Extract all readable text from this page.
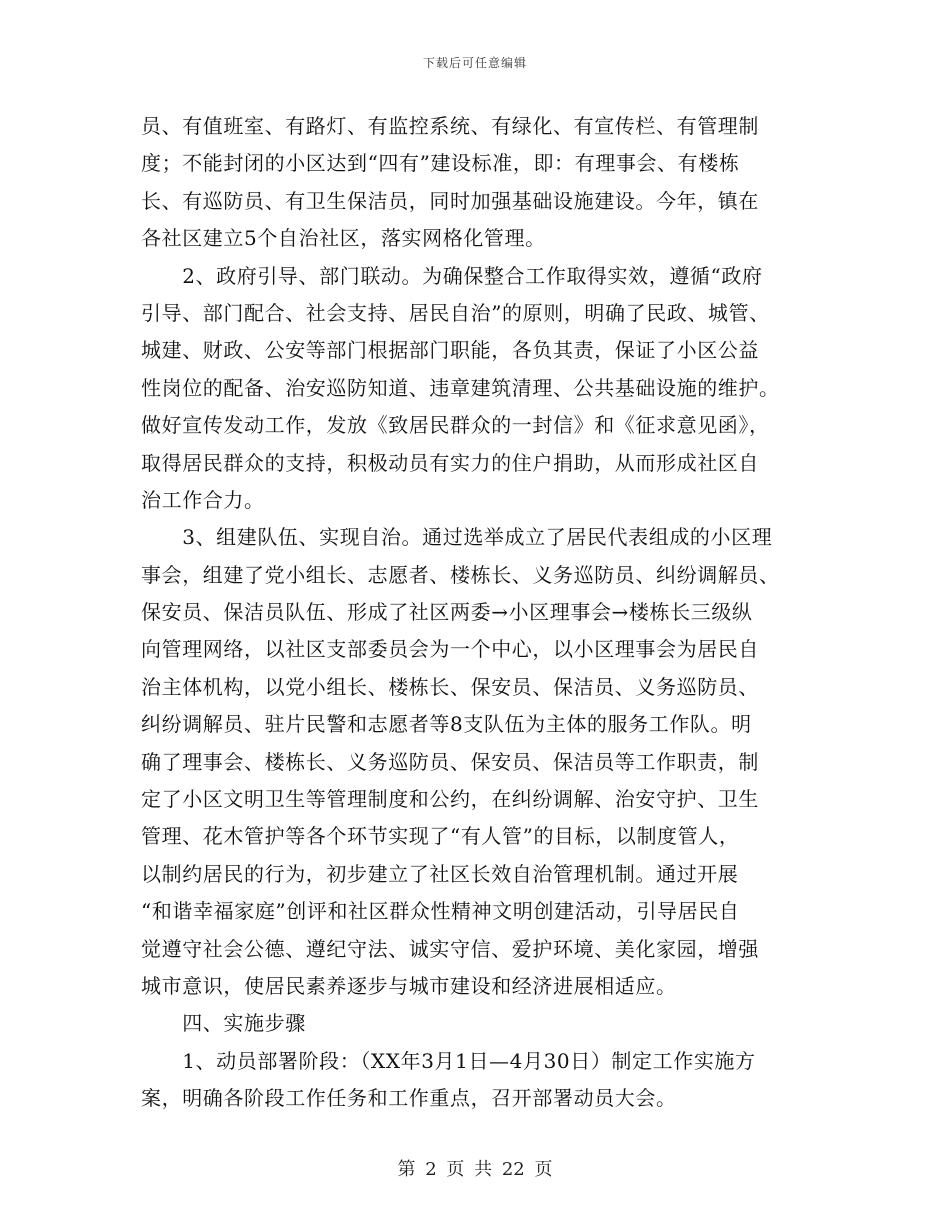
下载后可任意编辑
员、有值班室、有路灯、有监控系统、有绿化、有宣传栏、有管理制
度；不能封闭的小区达到“四有”建设标准，即：有理事会、有楼栋
长、有巡防员、有卫生保洁员，同时加强基础设施建设。今年，镇在
各社区建立5个自治社区，落实网格化管理。
　　2、政府引导、部门联动。为确保整合工作取得实效，遵循“政府
引导、部门配合、社会支持、居民自治”的原则，明确了民政、城管、
城建、财政、公安等部门根据部门职能，各负其责，保证了小区公益
性岗位的配备、治安巡防知道、违章建筑清理、公共基础设施的维护。
做好宣传发动工作，发放《致居民群众的一封信》和《征求意见函》，
取得居民群众的支持，积极动员有实力的住户捐助，从而形成社区自
治工作合力。
　　3、组建队伍、实现自治。通过选举成立了居民代表组成的小区理
事会，组建了党小组长、志愿者、楼栋长、义务巡防员、纠纷调解员、
保安员、保洁员队伍、形成了社区两委→小区理事会→楼栋长三级纵
向管理网络，以社区支部委员会为一个中心，以小区理事会为居民自
治主体机构，以党小组长、楼栋长、保安员、保洁员、义务巡防员、
纠纷调解员、驻片民警和志愿者等8支队伍为主体的服务工作队。明
确了理事会、楼栋长、义务巡防员、保安员、保洁员等工作职责，制
定了小区文明卫生等管理制度和公约，在纠纷调解、治安守护、卫生
管理、花木管护等各个环节实现了“有人管”的目标，以制度管人，
以制约居民的行为，初步建立了社区长效自治管理机制。通过开展
“和谐幸福家庭”创评和社区群众性精神文明创建活动，引导居民自
觉遵守社会公德、遵纪守法、诚实守信、爱护环境、美化家园，增强
城市意识，使居民素养逐步与城市建设和经济进展相适应。
　　四、实施步骤
　　1、动员部署阶段：（XX年3月1日—4月30日）制定工作实施方
案，明确各阶段工作任务和工作重点，召开部署动员大会。
第 2 页 共 22 页
